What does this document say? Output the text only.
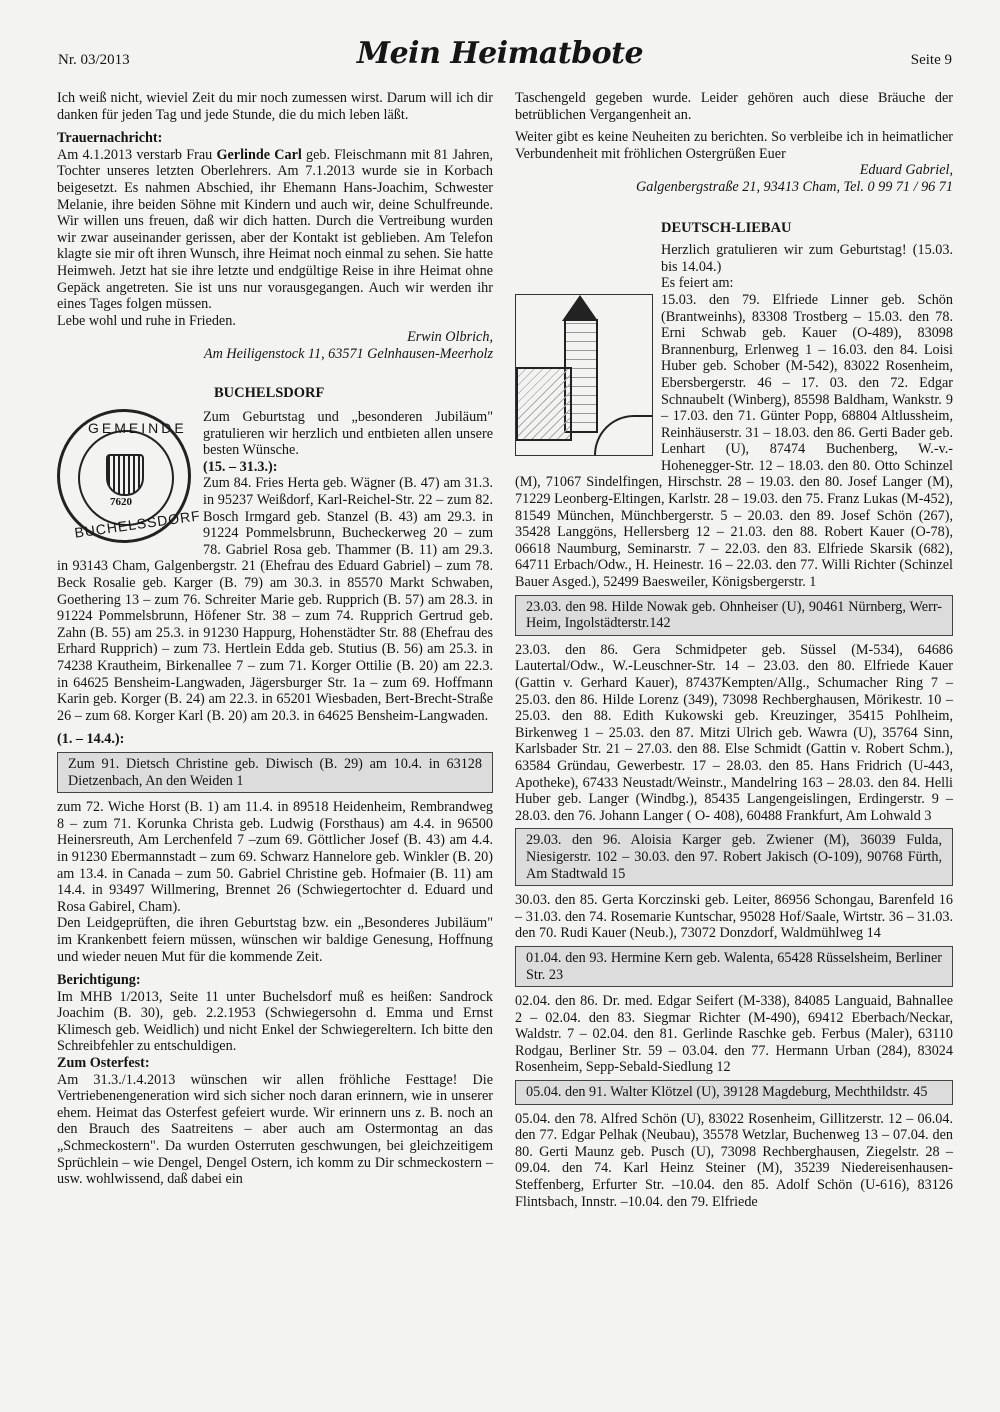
Nr. 03/2013	Mein Heimatbote	Seite 9

Ich weiß nicht, wieviel Zeit du mir noch zumessen wirst. Darum will ich dir danken für jeden Tag und jede Stunde, die du mich leben läßt.

Trauernachricht:

Am 4.1.2013 verstarb Frau Gerlinde Carl geb. Fleischmann mit 81 Jahren, Tochter unseres letzten Oberlehrers. Am 7.1.2013 wurde sie in Korbach beigesetzt. Es nahmen Abschied, ihr Ehemann Hans-Joachim, Schwester Melanie, ihre beiden Söhne mit Kindern und auch wir, deine Schulfreunde. Wir willen uns freuen, daß wir dich hatten. Durch die Vertreibung wurden wir zwar auseinander gerissen, aber der Kontakt ist geblieben. Am Telefon klagte sie mir oft ihren Wunsch, ihre Heimat noch einmal zu sehen. Sie hatte Heimweh. Jetzt hat sie ihre letzte und endgültige Reise in ihre Heimat ohne Gepäck angetreten. Sie ist uns nur vorausgegangen. Auch wir werden ihr eines Tages folgen müssen.

Lebe wohl und ruhe in Frieden.

Erwin Olbrich,

Am Heiligenstock 11, 63571 Gelnhausen-Meerholz

BUCHELSDORF

GEMEINDE
7620
BUCHELSSDORF

Zum Geburtstag und „besonderen Jubiläum" gratulieren wir herzlich und entbieten allen unsere besten Wünsche.

(15. – 31.3.):

Zum 84. Fries Herta geb. Wägner (B. 47) am 31.3. in 95237 Weißdorf, Karl-Reichel-Str. 22 – zum 82. Bosch Irmgard geb. Stanzel (B. 43) am 29.3. in 91224 Pommelsbrunn, Bucheckerweg 20 – zum 78. Gabriel Rosa geb. Thammer (B. 11) am 29.3. in 93143 Cham, Galgenbergstr. 21 (Ehefrau des Eduard Gabriel) – zum 78. Beck Rosalie geb. Karger (B. 79) am 30.3. in 85570 Markt Schwaben, Goethering 13 – zum 76. Schreiter Marie geb. Rupprich (B. 57) am 28.3. in 91224 Pommelsbrunn, Höfener Str. 38 – zum 74. Rupprich Gertrud geb. Zahn (B. 55) am 25.3. in 91230 Happurg, Hohenstädter Str. 88 (Ehefrau des Erhard Rupprich) – zum 73. Hertlein Edda geb. Stutius (B. 56) am 25.3. in 74238 Krautheim, Birkenallee 7 – zum 71. Korger Ottilie (B. 20) am 22.3. in 64625 Bensheim-Langwaden, Jägersburger Str. 1a – zum 69. Hoffmann Karin geb. Korger (B. 24) am 22.3. in 65201 Wiesbaden, Bert-Brecht-Straße 26 – zum 68. Korger Karl (B. 20) am 20.3. in 64625 Bensheim-Langwaden.

(1. – 14.4.):

Zum 91. Dietsch Christine geb. Diwisch (B. 29) am 10.4. in 63128 Dietzenbach, An den Weiden 1

zum 72. Wiche Horst (B. 1) am 11.4. in 89518 Heidenheim, Rembrandweg 8 – zum 71. Korunka Christa geb. Ludwig (Forsthaus) am 4.4. in 96500 Heinersreuth, Am Lerchenfeld 7 –zum 69. Göttlicher Josef (B. 43) am 4.4. in 91230 Ebermannstadt – zum 69. Schwarz Hannelore geb. Winkler (B. 20) am 13.4. in Canada – zum 50. Gabriel Christine geb. Hofmaier (B. 11) am 14.4. in 93497 Willmering, Brennet 26 (Schwiegertochter d. Eduard und Rosa Gabirel, Cham).

Den Leidgeprüften, die ihren Geburtstag bzw. ein „Besonderes Jubiläum" im Krankenbett feiern müssen, wünschen wir baldige Genesung, Hoffnung und wieder neuen Mut für die kommende Zeit.

Berichtigung:

Im MHB 1/2013, Seite 11 unter Buchelsdorf muß es heißen: Sandrock Joachim (B. 30), geb. 2.2.1953 (Schwiegersohn d. Emma und Ernst Klimesch geb. Weidlich) und nicht Enkel der Schwiegereltern. Ich bitte den Schreibfehler zu entschuldigen.

Zum Osterfest:

Am 31.3./1.4.2013 wünschen wir allen fröhliche Festtage! Die Vertriebenengeneration wird sich sicher noch daran erinnern, wie in unserer ehem. Heimat das Osterfest gefeiert wurde. Wir erinnern uns z. B. noch an den Brauch des Saatreitens – aber auch am Ostermontag an das „Schmeckostern". Da wurden Osterruten geschwungen, bei gleichzeitigem Sprüchlein – wie Dengel, Dengel Ostern, ich komm zu Dir schmeckostern – usw. wohlwissend, daß dabei ein

Taschengeld gegeben wurde. Leider gehören auch diese Bräuche der betrüblichen Vergangenheit an.

Weiter gibt es keine Neuheiten zu berichten. So verbleibe ich in heimatlicher Verbundenheit mit fröhlichen Ostergrüßen Euer

Eduard Gabriel,

Galgenbergstraße 21, 93413 Cham, Tel. 0 99 71 / 96 71

DEUTSCH-LIEBAU

Herzlich gratulieren wir zum Geburtstag! (15.03. bis 14.04.)

Es feiert am:

15.03. den 79. Elfriede Linner geb. Schön (Brantweinhs), 83308 Trostberg – 15.03. den 78. Erni Schwab geb. Kauer (O-489), 83098 Brannenburg, Erlenweg 1 – 16.03. den 84. Loisi Huber geb. Schober (M-542), 83022 Rosenheim, Ebersbergerstr. 46 – 17. 03. den 72. Edgar Schnaubelt (Winberg), 85598 Baldham, Wankstr. 9 – 17.03. den 71. Günter Popp, 68804 Altlussheim, Reinhäuserstr. 31 – 18.03. den 86. Gerti Bader geb. Lenhart (U), 87474 Buchenberg, W.-v.-Hohenegger-Str. 12 – 18.03. den 80. Otto Schinzel (M), 71067 Sindelfingen, Hirschstr. 28 – 19.03. den 80. Josef Langer (M), 71229 Leonberg-Eltingen, Karlstr. 28 – 19.03. den 75. Franz Lukas (M-452), 81549 München, Münchbergerstr. 5 – 20.03. den 89. Josef Schön (267), 35428 Langgöns, Hellersberg 12 – 21.03. den 88. Robert Kauer (O-78), 06618 Naumburg, Seminarstr. 7 – 22.03. den 83. Elfriede Skarsik (682), 64711 Erbach/Odw., H. Heinestr. 16 – 22.03. den 77. Willi Richter (Schinzel Bauer Asged.), 52499 Baesweiler, Königsbergerstr. 1

23.03. den 98. Hilde Nowak geb. Ohnheiser (U), 90461 Nürnberg, Werr-Heim, Ingolstädterstr.142

23.03. den 86. Gera Schmidpeter geb. Süssel (M-534), 64686 Lautertal/Odw., W.-Leuschner-Str. 14 – 23.03. den 80. Elfriede Kauer (Gattin v. Gerhard Kauer), 87437Kempten/Allg., Schumacher Ring 7 – 25.03. den 86. Hilde Lorenz (349), 73098 Rechberghausen, Mörikestr. 10 – 25.03. den 88. Edith Kukowski geb. Kreuzinger, 35415 Pohlheim, Birkenweg 1 – 25.03. den 87. Mitzi Ulrich geb. Wawra (U), 35764 Sinn, Karlsbader Str. 21 – 27.03. den 88. Else Schmidt (Gattin v. Robert Schm.), 63584 Gründau, Gewerbestr. 17 – 28.03. den 85. Hans Fridrich (U-443, Apotheke), 67433 Neustadt/Weinstr., Mandelring 163 – 28.03. den 84. Helli Huber geb. Langer (Windbg.), 85435 Langengeislingen, Erdingerstr. 9 – 28.03. den 76. Johann Langer ( O- 408), 60488 Frankfurt, Am Lohwald 3

29.03. den 96. Aloisia Karger geb. Zwiener (M), 36039 Fulda, Niesigerstr. 102 – 30.03. den 97. Robert Jakisch (O-109), 90768 Fürth, Am Stadtwald 15

30.03. den 85. Gerta Korczinski geb. Leiter, 86956 Schongau, Barenfeld 16 – 31.03. den 74. Rosemarie Kuntschar, 95028 Hof/Saale, Wirtstr. 36 – 31.03. den 70. Rudi Kauer (Neub.), 73072 Donzdorf, Waldmühlweg 14

01.04. den 93. Hermine Kern geb. Walenta, 65428 Rüsselsheim, Berliner Str. 23

02.04. den 86. Dr. med. Edgar Seifert (M-338), 84085 Languaid, Bahnallee 2 – 02.04. den 83. Siegmar Richter (M-490), 69412 Eberbach/Neckar, Waldstr. 7 – 02.04. den 81. Gerlinde Raschke geb. Ferbus (Maler), 63110 Rodgau, Berliner Str. 59 – 03.04. den 77. Hermann Urban (284), 83024 Rosenheim, Sepp-Sebald-Siedlung 12

05.04. den 91. Walter Klötzel (U), 39128 Magdeburg, Mechthildstr. 45

05.04. den 78. Alfred Schön (U), 83022 Rosenheim, Gillitzerstr. 12 – 06.04. den 77. Edgar Pelhak (Neubau), 35578 Wetzlar, Buchenweg 13 – 07.04. den 80. Gerti Maunz geb. Pusch (U), 73098 Rechberghausen, Ziegelstr. 28 – 09.04. den 74. Karl Heinz Steiner (M), 35239 Niedereisenhausen-Steffenberg, Erfurter Str. –10.04. den 85. Adolf Schön (U-616), 83126 Flintsbach, Innstr. –10.04. den 79. Elfriede
